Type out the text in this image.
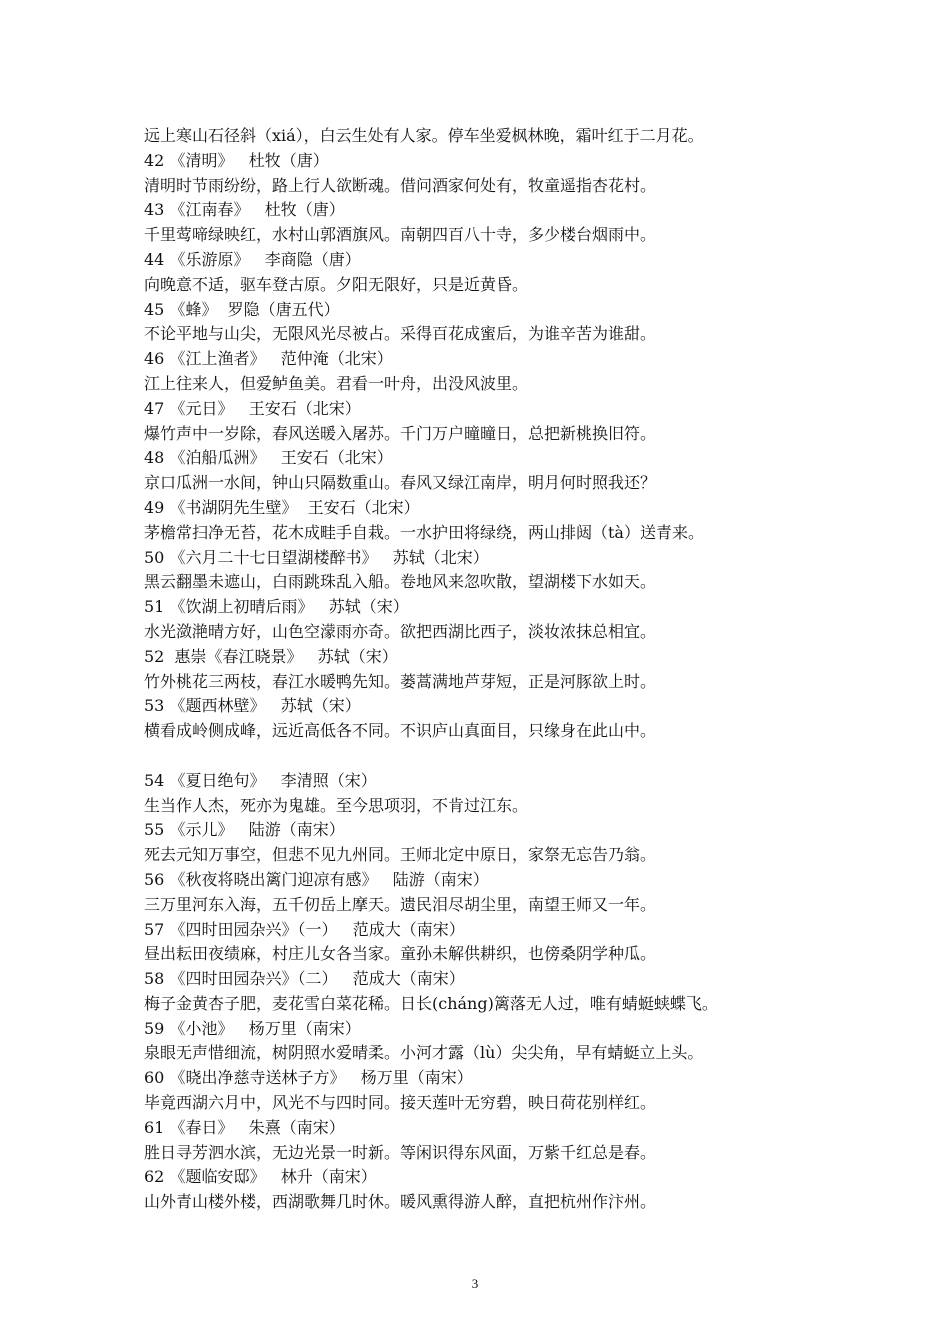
远上寒山石径斜（xiá），白云生处有人家。停车坐爱枫林晚，霜叶红于二月花。
42 《清明》   杜牧（唐）
清明时节雨纷纷，路上行人欲断魂。借问酒家何处有，牧童遥指杏花村。
43 《江南春》   杜牧（唐）
千里莺啼绿映红，水村山郭酒旗风。南朝四百八十寺，多少楼台烟雨中。
44 《乐游原》   李商隐（唐）
向晚意不适，驱车登古原。夕阳无限好，只是近黄昏。
45 《蜂》  罗隐（唐五代）
不论平地与山尖，无限风光尽被占。采得百花成蜜后，为谁辛苦为谁甜。
46 《江上渔者》   范仲淹（北宋）
江上往来人，但爱鲈鱼美。君看一叶舟，出没风波里。
47 《元日》   王安石（北宋）
爆竹声中一岁除，春风送暖入屠苏。千门万户曈曈日，总把新桃换旧符。
48 《泊船瓜洲》   王安石（北宋）
京口瓜洲一水间，钟山只隔数重山。春风又绿江南岸，明月何时照我还？
49 《书湖阴先生壁》  王安石（北宋）
茅檐常扫净无苔，花木成畦手自栽。一水护田将绿绕，两山排闼（tà）送青来。
50 《六月二十七日望湖楼醉书》   苏轼（北宋）
黑云翻墨未遮山，白雨跳珠乱入船。卷地风来忽吹散，望湖楼下水如天。
51 《饮湖上初晴后雨》   苏轼（宋）
水光潋滟晴方好，山色空濛雨亦奇。欲把西湖比西子，淡妆浓抹总相宜。
52  惠崇《春江晓景》   苏轼（宋）
竹外桃花三两枝，春江水暖鸭先知。蒌蒿满地芦芽短，正是河豚欲上时。
53 《题西林壁》   苏轼（宋）
横看成岭侧成峰，远近高低各不同。不识庐山真面目，只缘身在此山中。
54 《夏日绝句》   李清照（宋）
生当作人杰，死亦为鬼雄。至今思项羽，不肯过江东。
55 《示儿》   陆游（南宋）
死去元知万事空，但悲不见九州同。王师北定中原日，家祭无忘告乃翁。
56 《秋夜将晓出篱门迎凉有感》   陆游（南宋）
三万里河东入海，五千仞岳上摩天。遗民泪尽胡尘里，南望王师又一年。
57 《四时田园杂兴》（一）   范成大（南宋）
昼出耘田夜绩麻，村庄儿女各当家。童孙未解供耕织，也傍桑阴学种瓜。
58 《四时田园杂兴》（二）   范成大（南宋）
梅子金黄杏子肥，麦花雪白菜花稀。日长(cháng)篱落无人过，唯有蜻蜓蛱蝶飞。
59 《小池》   杨万里（南宋）
泉眼无声惜细流，树阴照水爱晴柔。小河才露（lù）尖尖角，早有蜻蜓立上头。
60 《晓出净慈寺送林子方》   杨万里（南宋）
毕竟西湖六月中，风光不与四时同。接天莲叶无穷碧，映日荷花别样红。
61 《春日》   朱熹（南宋）
胜日寻芳泗水滨，无边光景一时新。等闲识得东风面，万紫千红总是春。
62 《题临安邸》   林升（南宋）
山外青山楼外楼，西湖歌舞几时休。暖风熏得游人醉，直把杭州作汴州。
3
